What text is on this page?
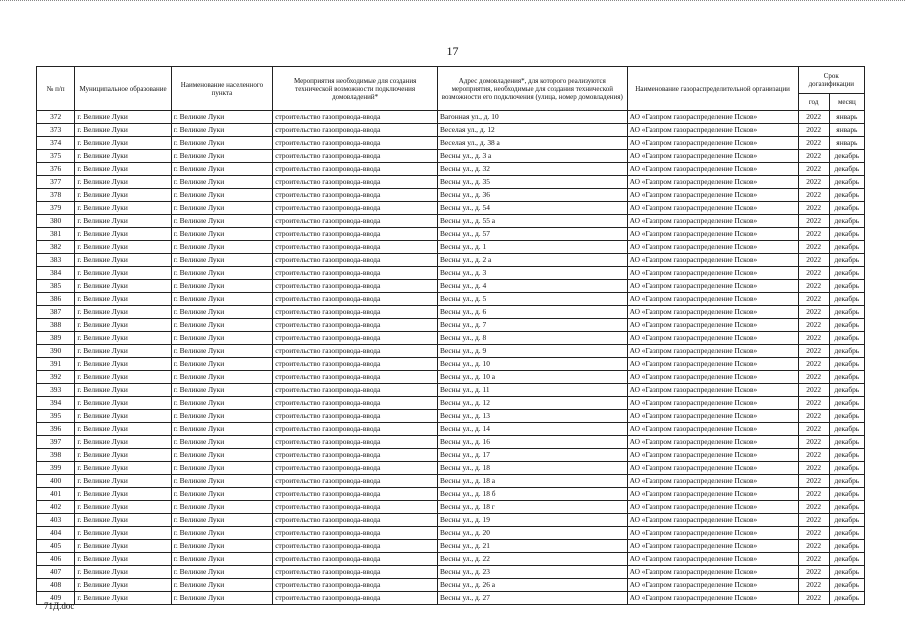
17
№ п/п	Муниципальное образование	Наименование населенного пункта	Мероприятия необходимые для создания технической возможности подключения домовладений*	Адрес домовладения*, для которого реализуются мероприятия, необходимые для создания технической возможности его подключения (улица, номер домовладения)	Наименование газораспределительной организации	Срок догазификации	
						год	месяц
372	г. Великие Луки	г. Великие Луки	строительство газопровода-ввода	Вагонная ул., д. 10	АО «Газпром газораспределение Псков»	2022	январь
373	г. Великие Луки	г. Великие Луки	строительство газопровода-ввода	Веселая ул., д. 12	АО «Газпром газораспределение Псков»	2022	январь
374	г. Великие Луки	г. Великие Луки	строительство газопровода-ввода	Веселая ул., д. 38 а	АО «Газпром газораспределение Псков»	2022	январь
375	г. Великие Луки	г. Великие Луки	строительство газопровода-ввода	Весны ул., д. 3 а	АО «Газпром газораспределение Псков»	2022	декабрь
376	г. Великие Луки	г. Великие Луки	строительство газопровода-ввода	Весны ул., д. 32	АО «Газпром газораспределение Псков»	2022	декабрь
377	г. Великие Луки	г. Великие Луки	строительство газопровода-ввода	Весны ул., д. 35	АО «Газпром газораспределение Псков»	2022	декабрь
378	г. Великие Луки	г. Великие Луки	строительство газопровода-ввода	Весны ул., д. 36	АО «Газпром газораспределение Псков»	2022	декабрь
379	г. Великие Луки	г. Великие Луки	строительство газопровода-ввода	Весны ул., д. 54	АО «Газпром газораспределение Псков»	2022	декабрь
380	г. Великие Луки	г. Великие Луки	строительство газопровода-ввода	Весны ул., д. 55 а	АО «Газпром газораспределение Псков»	2022	декабрь
381	г. Великие Луки	г. Великие Луки	строительство газопровода-ввода	Весны ул., д. 57	АО «Газпром газораспределение Псков»	2022	декабрь
382	г. Великие Луки	г. Великие Луки	строительство газопровода-ввода	Весны ул., д. 1	АО «Газпром газораспределение Псков»	2022	декабрь
383	г. Великие Луки	г. Великие Луки	строительство газопровода-ввода	Весны ул., д. 2 а	АО «Газпром газораспределение Псков»	2022	декабрь
384	г. Великие Луки	г. Великие Луки	строительство газопровода-ввода	Весны ул., д. 3	АО «Газпром газораспределение Псков»	2022	декабрь
385	г. Великие Луки	г. Великие Луки	строительство газопровода-ввода	Весны ул., д. 4	АО «Газпром газораспределение Псков»	2022	декабрь
386	г. Великие Луки	г. Великие Луки	строительство газопровода-ввода	Весны ул., д. 5	АО «Газпром газораспределение Псков»	2022	декабрь
387	г. Великие Луки	г. Великие Луки	строительство газопровода-ввода	Весны ул., д. 6	АО «Газпром газораспределение Псков»	2022	декабрь
388	г. Великие Луки	г. Великие Луки	строительство газопровода-ввода	Весны ул., д. 7	АО «Газпром газораспределение Псков»	2022	декабрь
389	г. Великие Луки	г. Великие Луки	строительство газопровода-ввода	Весны ул., д. 8	АО «Газпром газораспределение Псков»	2022	декабрь
390	г. Великие Луки	г. Великие Луки	строительство газопровода-ввода	Весны ул., д. 9	АО «Газпром газораспределение Псков»	2022	декабрь
391	г. Великие Луки	г. Великие Луки	строительство газопровода-ввода	Весны ул., д. 10	АО «Газпром газораспределение Псков»	2022	декабрь
392	г. Великие Луки	г. Великие Луки	строительство газопровода-ввода	Весны ул., д. 10 а	АО «Газпром газораспределение Псков»	2022	декабрь
393	г. Великие Луки	г. Великие Луки	строительство газопровода-ввода	Весны ул., д. 11	АО «Газпром газораспределение Псков»	2022	декабрь
394	г. Великие Луки	г. Великие Луки	строительство газопровода-ввода	Весны ул., д. 12	АО «Газпром газораспределение Псков»	2022	декабрь
395	г. Великие Луки	г. Великие Луки	строительство газопровода-ввода	Весны ул., д. 13	АО «Газпром газораспределение Псков»	2022	декабрь
396	г. Великие Луки	г. Великие Луки	строительство газопровода-ввода	Весны ул., д. 14	АО «Газпром газораспределение Псков»	2022	декабрь
397	г. Великие Луки	г. Великие Луки	строительство газопровода-ввода	Весны ул., д. 16	АО «Газпром газораспределение Псков»	2022	декабрь
398	г. Великие Луки	г. Великие Луки	строительство газопровода-ввода	Весны ул., д. 17	АО «Газпром газораспределение Псков»	2022	декабрь
399	г. Великие Луки	г. Великие Луки	строительство газопровода-ввода	Весны ул., д. 18	АО «Газпром газораспределение Псков»	2022	декабрь
400	г. Великие Луки	г. Великие Луки	строительство газопровода-ввода	Весны ул., д. 18 а	АО «Газпром газораспределение Псков»	2022	декабрь
401	г. Великие Луки	г. Великие Луки	строительство газопровода-ввода	Весны ул., д. 18 б	АО «Газпром газораспределение Псков»	2022	декабрь
402	г. Великие Луки	г. Великие Луки	строительство газопровода-ввода	Весны ул., д. 18 г	АО «Газпром газораспределение Псков»	2022	декабрь
403	г. Великие Луки	г. Великие Луки	строительство газопровода-ввода	Весны ул., д. 19	АО «Газпром газораспределение Псков»	2022	декабрь
404	г. Великие Луки	г. Великие Луки	строительство газопровода-ввода	Весны ул., д. 20	АО «Газпром газораспределение Псков»	2022	декабрь
405	г. Великие Луки	г. Великие Луки	строительство газопровода-ввода	Весны ул., д. 21	АО «Газпром газораспределение Псков»	2022	декабрь
406	г. Великие Луки	г. Великие Луки	строительство газопровода-ввода	Весны ул., д. 22	АО «Газпром газораспределение Псков»	2022	декабрь
407	г. Великие Луки	г. Великие Луки	строительство газопровода-ввода	Весны ул., д. 23	АО «Газпром газораспределение Псков»	2022	декабрь
408	г. Великие Луки	г. Великие Луки	строительство газопровода-ввода	Весны ул., д. 26 а	АО «Газпром газораспределение Псков»	2022	декабрь
409	г. Великие Луки	г. Великие Луки	строительство газопровода-ввода	Весны ул., д. 27	АО «Газпром газораспределение Псков»	2022	декабрь
71Д.doc
